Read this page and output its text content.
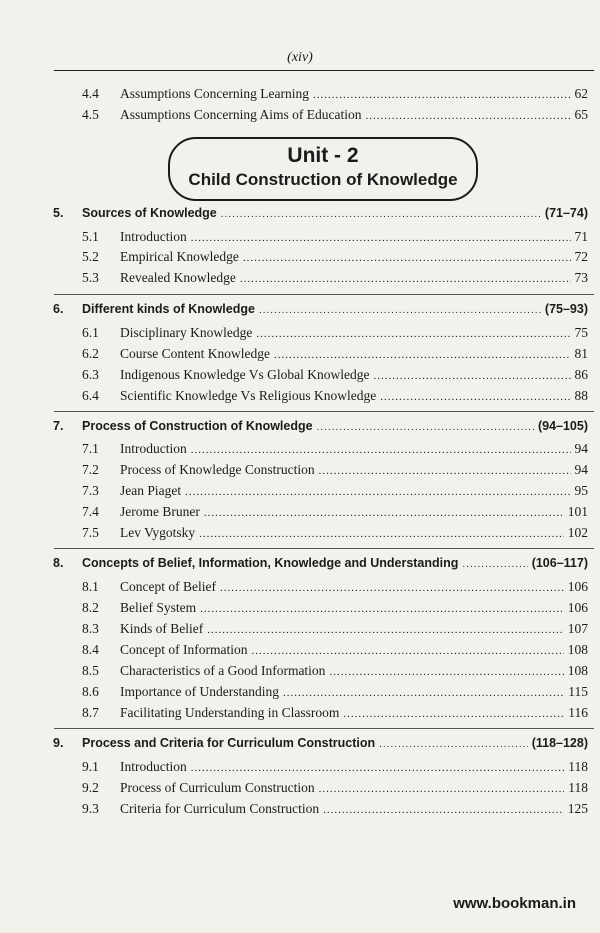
(xiv)
4.4 Assumptions Concerning Learning .....	62
4.5 Assumptions Concerning Aims of Education .....	65
Unit - 2
Child Construction of Knowledge
5. Sources of Knowledge .....	(71–74)
5.1 Introduction .....	71
5.2 Empirical Knowledge .....	72
5.3 Revealed Knowledge .....	73
6. Different kinds of Knowledge .....	(75–93)
6.1 Disciplinary Knowledge .....	75
6.2 Course Content Knowledge .....	81
6.3 Indigenous Knowledge Vs Global Knowledge .....	86
6.4 Scientific Knowledge Vs Religious Knowledge .....	88
7. Process of Construction of Knowledge .....	(94–105)
7.1 Introduction .....	94
7.2 Process of Knowledge Construction .....	94
7.3 Jean Piaget .....	95
7.4 Jerome Bruner .....	101
7.5 Lev Vygotsky .....	102
8. Concepts of Belief, Information, Knowledge and Understanding .....	(106–117)
8.1 Concept of Belief .....	106
8.2 Belief System .....	106
8.3 Kinds of Belief .....	107
8.4 Concept of Information .....	108
8.5 Characteristics of a Good Information .....	108
8.6 Importance of Understanding .....	115
8.7 Facilitating Understanding in Classroom .....	116
9. Process and Criteria for Curriculum Construction .....	(118–128)
9.1 Introduction .....	118
9.2 Process of Curriculum Construction .....	118
9.3 Criteria for Curriculum Construction .....	125
www.bookman.in
